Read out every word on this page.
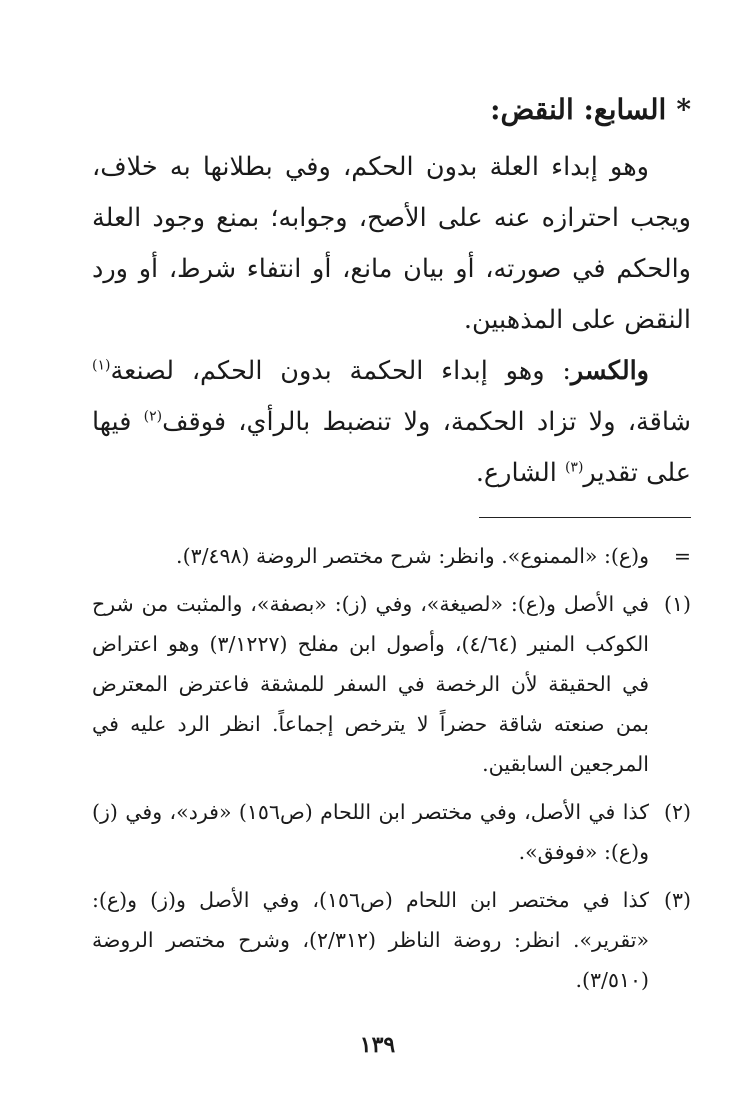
*السابع: النقض:

وهو إبداء العلة بدون الحكم، وفي بطلانها به خلاف، ويجب احترازه عنه على الأصح، وجوابه؛ بمنع وجود العلة والحكم في صورته، أو بيان مانع، أو انتفاء شرط، أو ورد النقض على المذهبين.

والكسر: وهو إبداء الحكمة بدون الحكم، لصنعة$^{(١)}$ شاقة، ولا تزاد الحكمة، ولا تنضبط بالرأي، فوقف$^{(٢)}$ فيها على تقدير$^{(٣)}$ الشارع.

=
و(ع): «الممنوع». وانظر: شرح مختصر الروضة (٣/٤٩٨).
(١)
في الأصل و(ع): «لصيغة»، وفي (ز): «بصفة»، والمثبت من شرح الكوكب المنير (٤/٦٤)، وأصول ابن مفلح (٣/١٢٢٧) وهو اعتراض في الحقيقة لأن الرخصة في السفر للمشقة فاعترض المعترض بمن صنعته شاقة حضراً لا يترخص إجماعاً. انظر الرد عليه في المرجعين السابقين.
(٢)
كذا في الأصل، وفي مختصر ابن اللحام (ص١٥٦) «فرد»، وفي (ز) و(ع): «فوفق».
(٣)
كذا في مختصر ابن اللحام (ص١٥٦)، وفي الأصل و(ز) و(ع): «تقرير». انظر: روضة الناظر (٢/٣١٢)، وشرح مختصر الروضة (٣/٥١٠).
١٣٩
